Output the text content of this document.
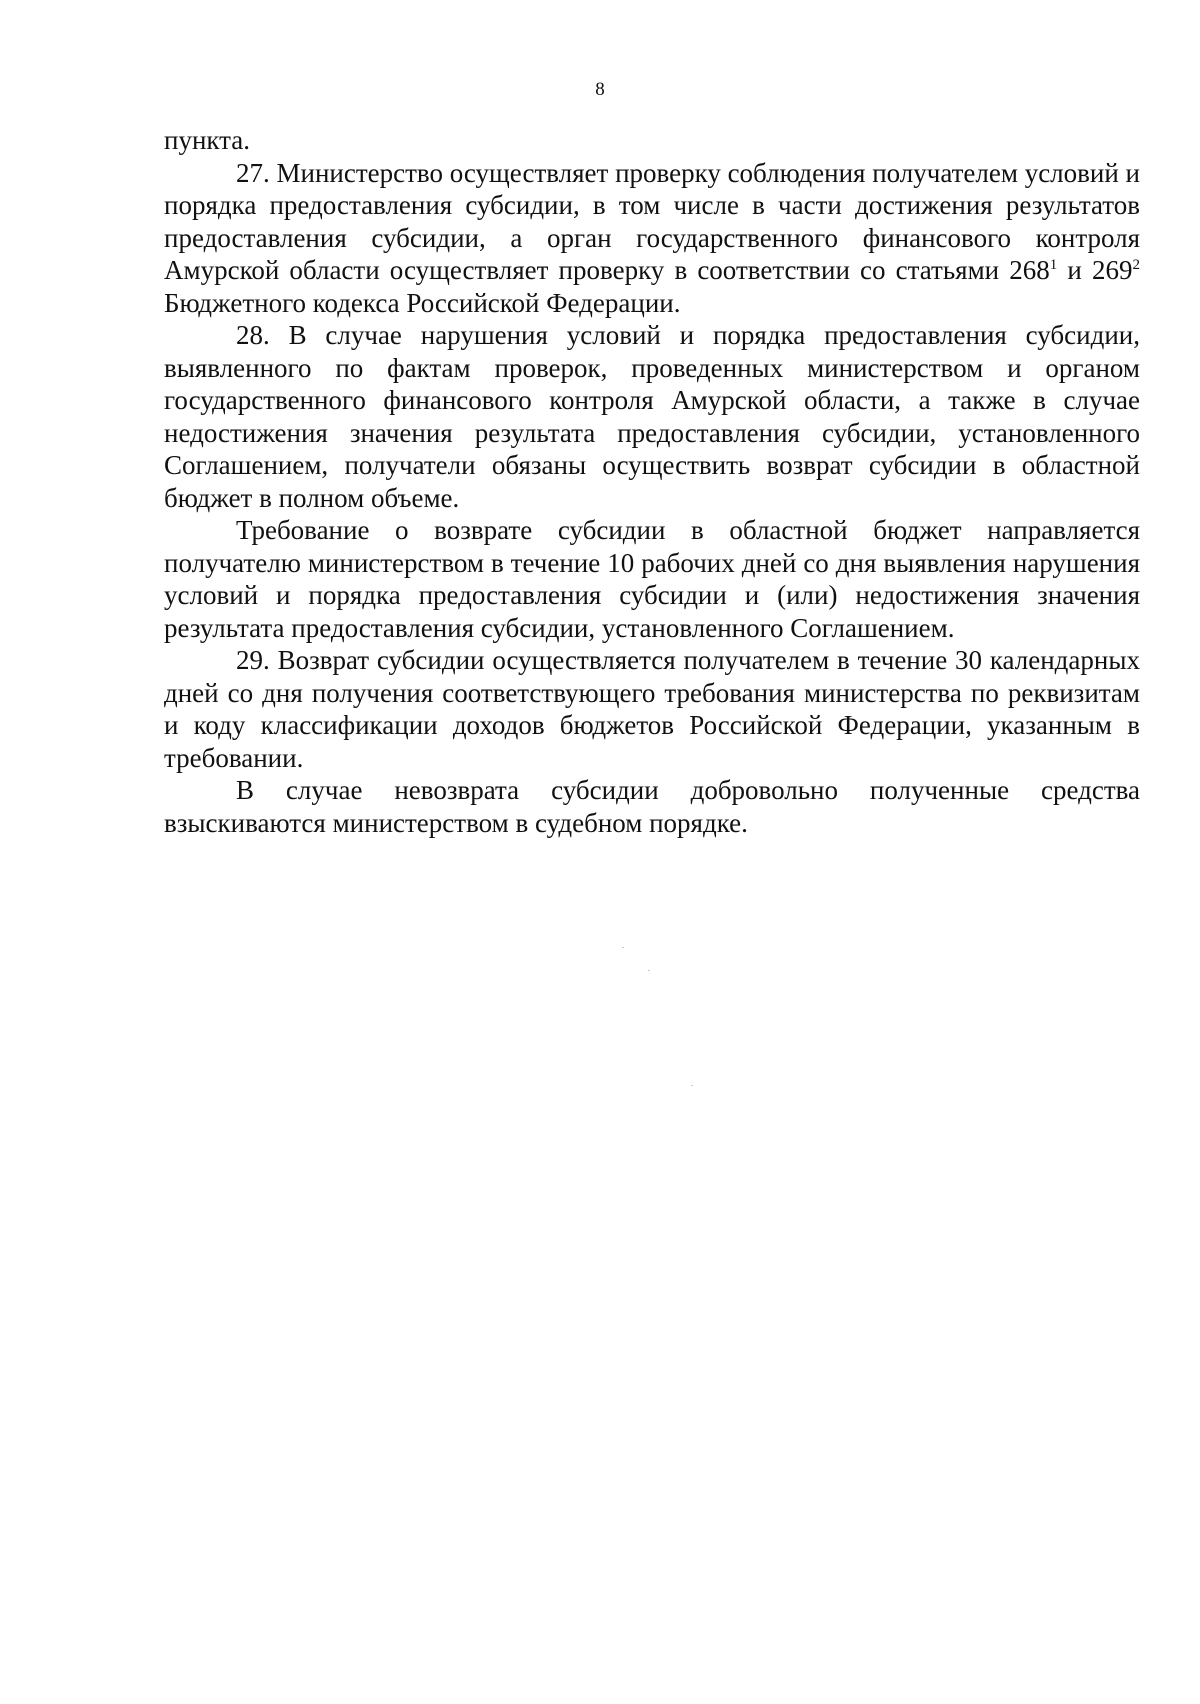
8

пункта.

27. Министерство осуществляет проверку соблюдения получателем условий и порядка предоставления субсидии, в том числе в части достижения результатов предоставления субсидии, а орган государственного финансового контроля Амурской области осуществляет проверку в соответствии со статьями $268^1$ и $269^2$ Бюджетного кодекса Российской Федерации.

28. В случае нарушения условий и порядка предоставления субсидии, выявленного по фактам проверок, проведенных министерством и органом государственного финансового контроля Амурской области, а также в случае недостижения значения результата предоставления субсидии, установленного Соглашением, получатели обязаны осуществить возврат субсидии в областной бюджет в полном объеме.

Требование о возврате субсидии в областной бюджет направляется получателю министерством в течение 10 рабочих дней со дня выявления нарушения условий и порядка предоставления субсидии и (или) недостижения значения результата предоставления субсидии, установленного Соглашением.

29. Возврат субсидии осуществляется получателем в течение 30 календарных дней со дня получения соответствующего требования министерства по реквизитам и коду классификации доходов бюджетов Российской Федерации, указанным в требовании.

В случае невозврата субсидии добровольно полученные средства взыскиваются министерством в судебном порядке.
